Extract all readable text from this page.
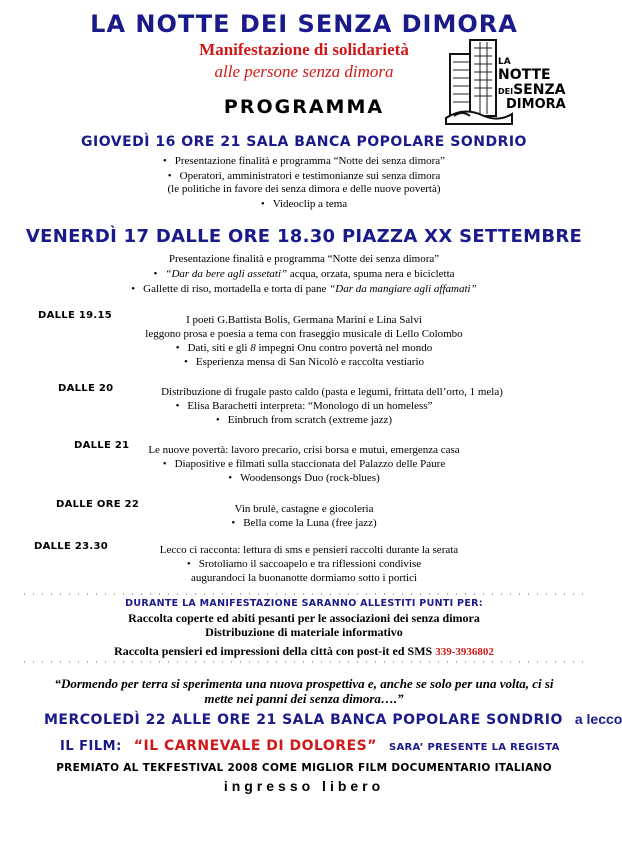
LA NOTTE DEI SENZA DIMORA
Manifestazione di solidarietà
alle persone senza dimora
PROGRAMMA
LA
NOTTE
DEISENZA
DIMORA
GIOVEDÌ 16 ORE 21 SALA BANCA POPOLARE SONDRIO
• Presentazione finalità e programma “Notte dei senza dimora”
• Operatori, amministratori e testimonianze sui senza dimora
(le politiche in favore dei senza dimora e delle nuove povertà)
• Videoclip a tema
VENERDÌ 17 DALLE ORE 18.30 PIAZZA XX SETTEMBRE
Presentazione finalità e programma “Notte dei senza dimora”
• “Dar da bere agli assetati” acqua, orzata, spuma nera e bicicletta
• Gallette di riso, mortadella e torta di pane “Dar da mangiare agli affamati”
DALLE 19.15	I poeti G.Battista Bolis, Germana Marini e Lina Salvi
leggono prosa e poesia a tema con fraseggio musicale di Lello Colombo
• Dati, siti e gli 8 impegni Onu contro povertà nel mondo
• Esperienza mensa di San Nicolò e raccolta vestiario
DALLE 20	Distribuzione di frugale pasto caldo (pasta e legumi, frittata dell’orto, 1 mela)
• Elisa Barachetti interpreta: “Monologo di un homeless”
• Einbruch from scratch (extreme jazz)
DALLE 21	Le nuove povertà: lavoro precario, crisi borsa e mutui, emergenza casa
• Diapositive e filmati sulla staccionata del Palazzo delle Paure
• Woodensongs Duo (rock-blues)
DALLE ORE 22	Vin brulè, castagne e giocoleria
• Bella come la Luna (free jazz)
DALLE 23.30	Lecco ci racconta: lettura di sms e pensieri raccolti durante la serata
• Srotoliamo il saccoapelo e tra riflessioni condivise
augurandoci la buonanotte dormiamo sotto i portici
DURANTE LA MANIFESTAZIONE SARANNO ALLESTITI PUNTI PER:
Raccolta coperte ed abiti pesanti per le associazioni dei senza dimora
Distribuzione di materiale informativo
Raccolta pensieri ed impressioni della città con post-it ed SMS 339-3936802
“Dormendo per terra si sperimenta una nuova prospettiva e, anche se solo per una volta, ci si
mette nei panni dei senza dimora….”
MERCOLEDÌ 22 ALLE ORE 21 SALA BANCA POPOLARE SONDRIO a lecco
IL FILM: “IL CARNEVALE DI DOLORES” SARA’ PRESENTE LA REGISTA
PREMIATO AL TEKFESTIVAL 2008 COME MIGLIOR FILM DOCUMENTARIO ITALIANO
ingresso libero
